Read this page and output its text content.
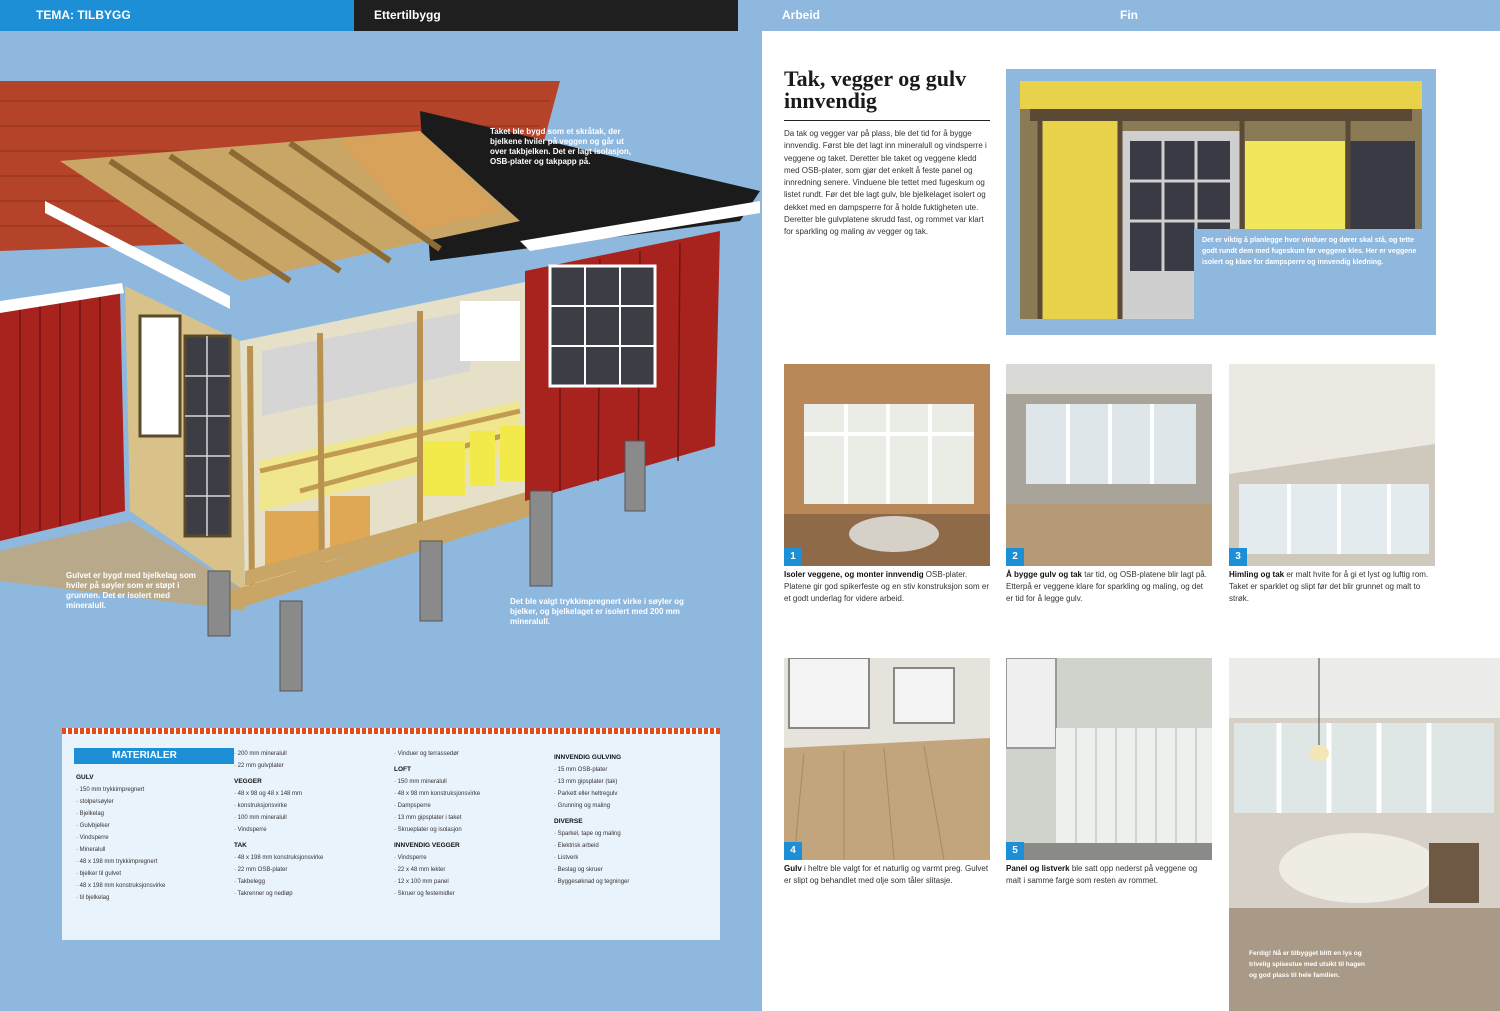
TEMA: TILBYGG	Ettertilbygg	Arbeid	Fin
Taket ble bygd som et skråtak, der bjelkene hviler på veggen og går ut over takbjelken. Det er lagt isolasjon, OSB-plater og takpapp på.
Gulvet er bygd med bjelkelag som hviler på søyler som er støpt i grunnen. Det er isolert med mineralull.	Det ble valgt trykkimpregnert virke i søyler og bjelker, og bjelkelaget er isolert med 200 mm mineralull.
MATERIALER
GULV
· 150 mm trykkimpregnert
· stolpe/søyler
· Bjelkelag
· Gulvbjelker
· Vindsperre
· Mineralull
· 48 x 198 mm trykkimpregnert
· bjelker til gulvet
· 48 x 198 mm konstruksjonsvirke
· til bjelkelag
· 200 mm mineralull
· 22 mm gulvplater
VEGGER
· 48 x 98 og 48 x 148 mm
· konstruksjonsvirke
· 100 mm mineralull
· Vindsperre
TAK
· 48 x 198 mm konstruksjonsvirke
· 22 mm OSB-plater
· Takbelegg
· Takrenner og nedløp
· Vinduer og terrassedør
LOFT
· 150 mm mineralull
· 48 x 98 mm konstruksjonsvirke
· Dampsperre
· 13 mm gipsplater i taket
· Skrueplater og isolasjon
INNVENDIG VEGGER
· Vindsperre
· 22 x 48 mm lekter
· 12 x 100 mm panel
· Skruer og festemidler
INNVENDIG GULVING
· 15 mm OSB-plater
· 13 mm gipsplater (tak)
· Parkett eller heltregulv
· Grunning og maling
DIVERSE
· Sparkel, tape og maling
· Elektrisk arbeid
· Listverk
· Beslag og skruer
· Byggesøknad og tegninger
Tak, vegger og gulv innvendig
Da tak og vegger var på plass, ble det tid for å bygge innvendig. Først ble det lagt inn mineralull og vindsperre i veggene og taket. Deretter ble taket og veggene kledd med OSB-plater, som gjør det enkelt å feste panel og innredning senere. Vinduene ble tettet med fugeskum og listet rundt. Før det ble lagt gulv, ble bjelkelaget isolert og dekket med en dampsperre for å holde fuktigheten ute. Deretter ble gulvplatene skrudd fast, og rommet var klart for sparkling og maling av vegger og tak.
Det er viktig å planlegge hvor vinduer og dører skal stå, og tette godt rundt dem med fugeskum før veggene kles. Her er veggene isolert og klare for dampsperre og innvendig kledning.
1
Isoler veggene, og monter innvendig OSB-plater. Platene gir god spikerfeste og en stiv konstruksjon som er et godt underlag for videre arbeid.
2
Å bygge gulv og tak tar tid, og OSB-platene blir lagt på. Etterpå er veggene klare for sparkling og maling, og det er tid for å legge gulv.
3
Himling og tak er malt hvite for å gi et lyst og luftig rom. Taket er sparklet og slipt før det blir grunnet og malt to strøk.
4
Gulv i heltre ble valgt for et naturlig og varmt preg. Gulvet er slipt og behandlet med olje som tåler slitasje.
5
Panel og listverk ble satt opp nederst på veggene og malt i samme farge som resten av rommet.
Ferdig! Nå er tilbygget blitt en lys og trivelig spisestue med utsikt til hagen og god plass til hele familien.
